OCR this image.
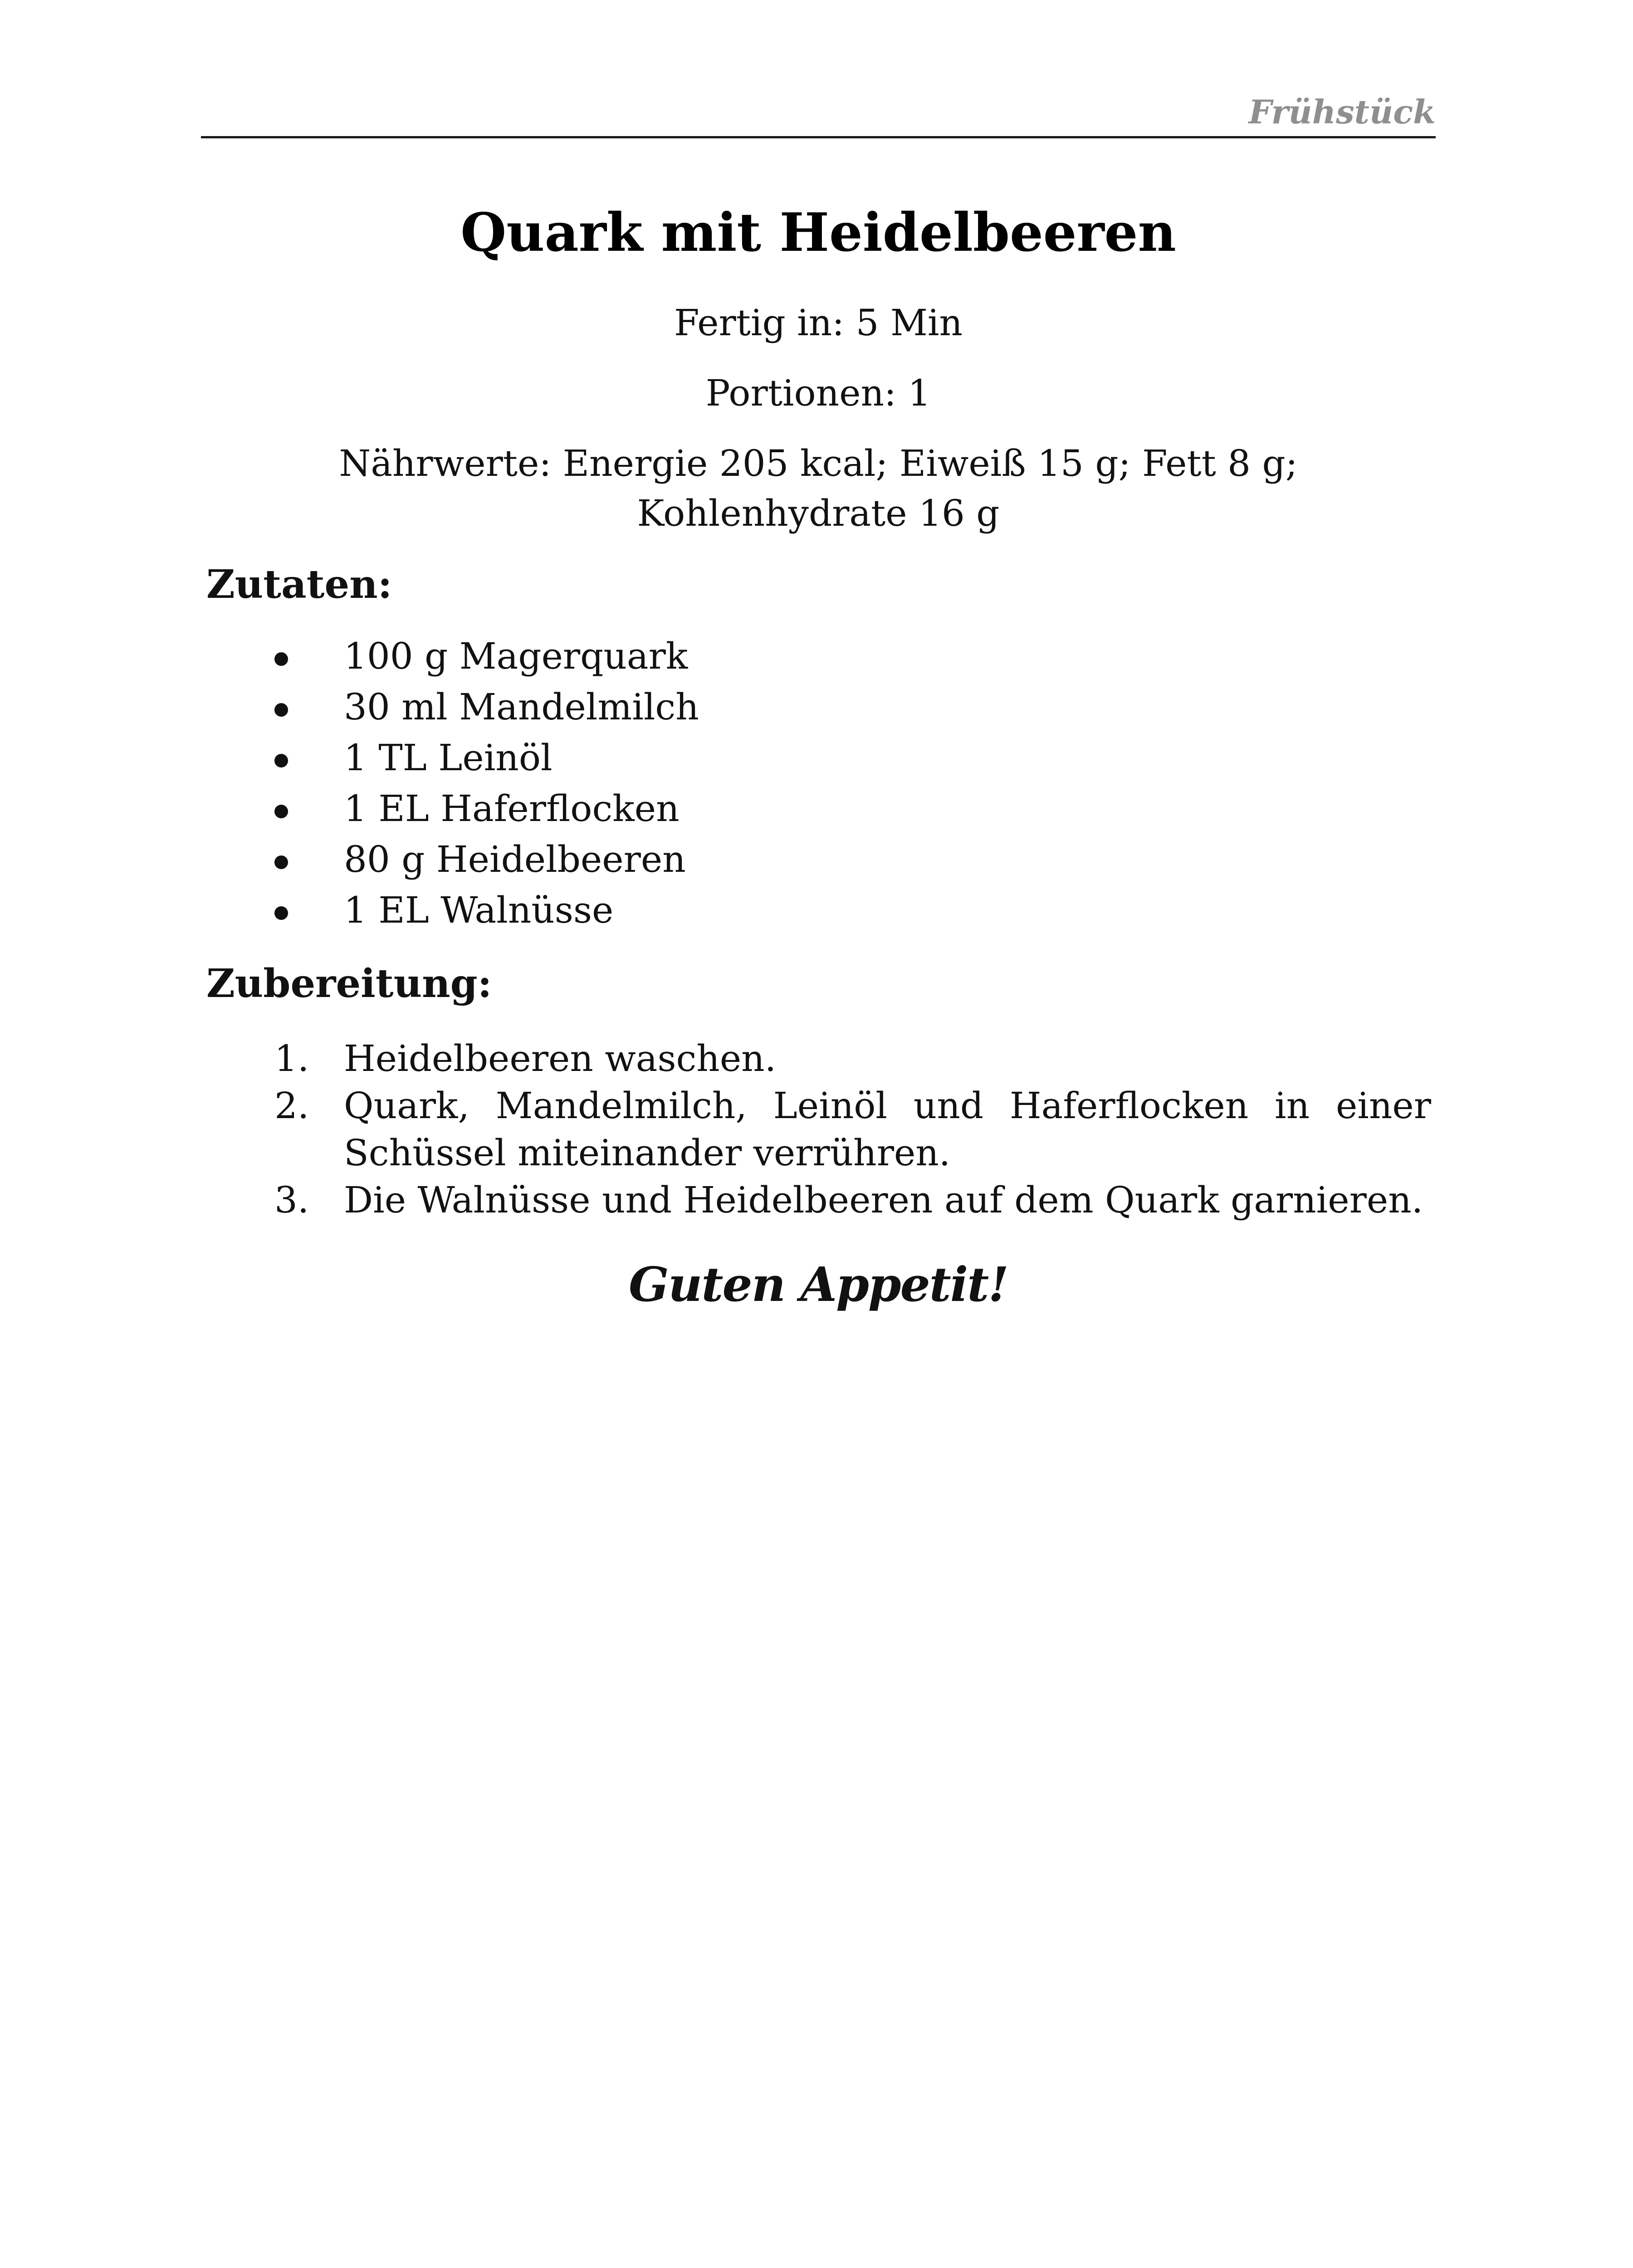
Frühstück
Quark mit Heidelbeeren
Fertig in: 5 Min
Portionen: 1
Nährwerte: Energie 205 kcal; Eiweiß 15 g; Fett 8 g;
Kohlenhydrate 16 g
Zutaten:
100 g Magerquark
30 ml Mandelmilch
1 TL Leinöl
1 EL Haferflocken
80 g Heidelbeeren
1 EL Walnüsse
Zubereitung:
1. Heidelbeeren waschen.
2. Quark, Mandelmilch, Leinöl und Haferflocken in einer Schüssel miteinander verrühren.
3. Die Walnüsse und Heidelbeeren auf dem Quark garnieren.
Guten Appetit!
